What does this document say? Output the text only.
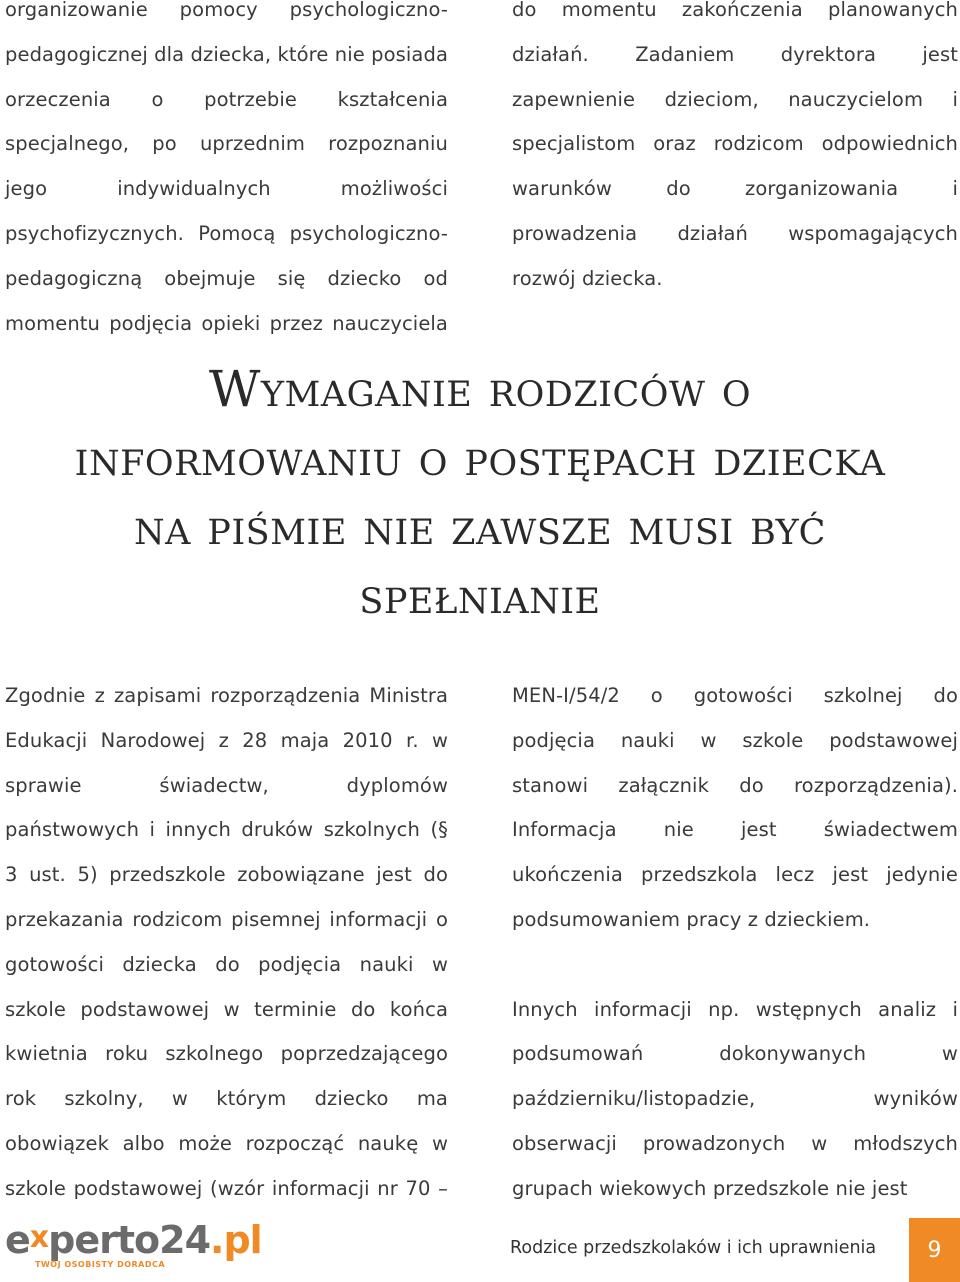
organizowanie pomocy psychologiczno-

pedagogicznej dla dziecka, które nie posiada

orzeczenia o potrzebie kształcenia

specjalnego, po uprzednim rozpoznaniu

jego indywidualnych możliwości

psychofizycznych. Pomocą psychologiczno-

pedagogiczną obejmuje się dziecko od

momentu podjęcia opieki przez nauczyciela

do momentu zakończenia planowanych

działań. Zadaniem dyrektora jest

zapewnienie dzieciom, nauczycielom i

specjalistom oraz rodzicom odpowiednich

warunków do zorganizowania i

prowadzenia działań wspomagających

rozwój dziecka.

Wymaganie rodziców o
informowaniu o postępach dziecka
na piśmie nie zawsze musi być
spełnianie

Zgodnie z zapisami rozporządzenia Ministra

Edukacji Narodowej z 28 maja 2010 r. w

sprawie świadectw, dyplomów

państwowych i innych druków szkolnych (§

3 ust. 5) przedszkole zobowiązane jest do

przekazania rodzicom pisemnej informacji o

gotowości dziecka do podjęcia nauki w

szkole podstawowej w terminie do końca

kwietnia roku szkolnego poprzedzającego

rok szkolny, w którym dziecko ma

obowiązek albo może rozpocząć naukę w

szkole podstawowej (wzór informacji nr 70 –

MEN-I/54/2 o gotowości szkolnej do

podjęcia nauki w szkole podstawowej

stanowi załącznik do rozporządzenia).

Informacja nie jest świadectwem

ukończenia przedszkola lecz jest jedynie

podsumowaniem pracy z dzieckiem.

Innych informacji np. wstępnych analiz i

podsumowań dokonywanych w

październiku/listopadzie, wyników

obserwacji prowadzonych w młodszych

grupach wiekowych przedszkole nie jest

experto24.pl
TWÓJ OSOBISTY DORADCA
Rodzice przedszkolaków i ich uprawnienia	9
